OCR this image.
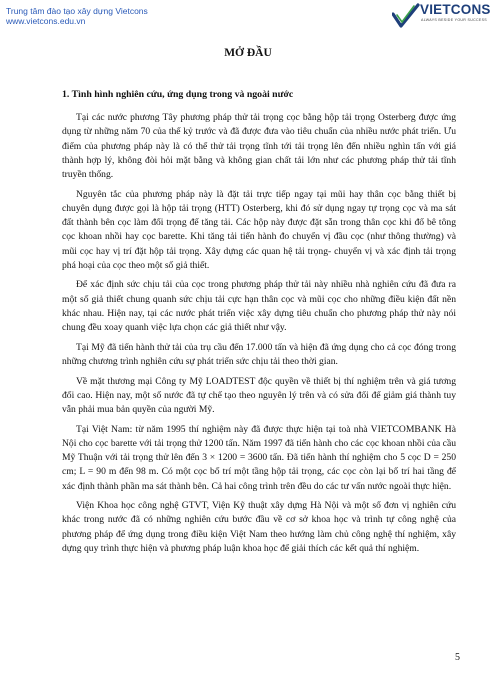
Trung tâm đào tạo xây dựng Vietcons
www.vietcons.edu.vn
VIETCONS
ALWAYS BESIDE YOUR SUCCESS
MỞ ĐẦU
1. Tình hình nghiên cứu, ứng dụng trong và ngoài nước

Tại các nước phương Tây phương pháp thử tải trọng cọc bằng hộp tải trọng Osterberg được ứng dụng từ những năm 70 của thế kỷ trước và đã được đưa vào tiêu chuẩn của nhiều nước phát triển. Ưu điểm của phương pháp này là có thể thử tải trọng tĩnh tới tải trọng lên đến nhiều nghìn tấn với giá thành hợp lý, không đòi hỏi mặt bằng và không gian chất tải lớn như các phương pháp thử tải tĩnh truyền thống.

Nguyên tắc của phương pháp này là đặt tải trực tiếp ngay tại mũi hay thân cọc bằng thiết bị chuyên dụng được gọi là hộp tải trọng (HTT) Osterberg, khi đó sử dụng ngay tự trọng cọc và ma sát đất thành bên cọc làm đối trọng để tăng tải. Các hộp này được đặt sẵn trong thân cọc khi đổ bê tông cọc khoan nhồi hay cọc barette. Khi tăng tải tiến hành đo chuyển vị đầu cọc (như thông thường) và mũi cọc hay vị trí đặt hộp tải trọng. Xây dựng các quan hệ tải trọng- chuyển vị và xác định tải trọng phá hoại của cọc theo một số giả thiết.

Để xác định sức chịu tải của cọc trong phương pháp thử tải này nhiều nhà nghiên cứu đã đưa ra một số giả thiết chung quanh sức chịu tải cực hạn thân cọc và mũi cọc cho những điều kiện đất nền khác nhau. Hiện nay, tại các nước phát triển việc xây dựng tiêu chuẩn cho phương pháp thử này nói chung đều xoay quanh việc lựa chọn các giả thiết như vậy.

Tại Mỹ đã tiến hành thử tải của trụ cầu đến 17.000 tấn và hiện đã ứng dụng cho cả cọc đóng trong những chương trình nghiên cứu sự phát triển sức chịu tải theo thời gian.

Về mặt thương mại Công ty Mỹ LOADTEST độc quyền về thiết bị thí nghiệm trên và giá tương đối cao. Hiện nay, một số nước đã tự chế tạo theo nguyên lý trên và có sửa đổi để giảm giá thành tuy vẫn phải mua bản quyền của người Mỹ.

Tại Việt Nam: từ năm 1995 thí nghiệm này đã được thực hiện tại toà nhà VIETCOMBANK Hà Nội cho cọc barette với tải trọng thử 1200 tấn. Năm 1997 đã tiến hành cho các cọc khoan nhồi của cầu Mỹ Thuận với tải trọng thử lên đến 3 × 1200 = 3600 tấn. Đã tiến hành thí nghiệm cho 5 cọc D = 250 cm; L = 90 m đến 98 m. Có một cọc bố trí một tầng hộp tải trọng, các cọc còn lại bố trí hai tầng để xác định thành phần ma sát thành bên. Cả hai công trình trên đều do các tư vấn nước ngoài thực hiện.

Viện Khoa học công nghệ GTVT, Viện Kỹ thuật xây dựng Hà Nội và một số đơn vị nghiên cứu khác trong nước đã có những nghiên cứu bước đầu về cơ sở khoa học và trình tự công nghệ của phương pháp để ứng dụng trong điều kiện Việt Nam theo hướng làm chủ công nghệ thí nghiệm, xây dựng quy trình thực hiện và phương pháp luận khoa học để giải thích các kết quả thí nghiệm.

5
